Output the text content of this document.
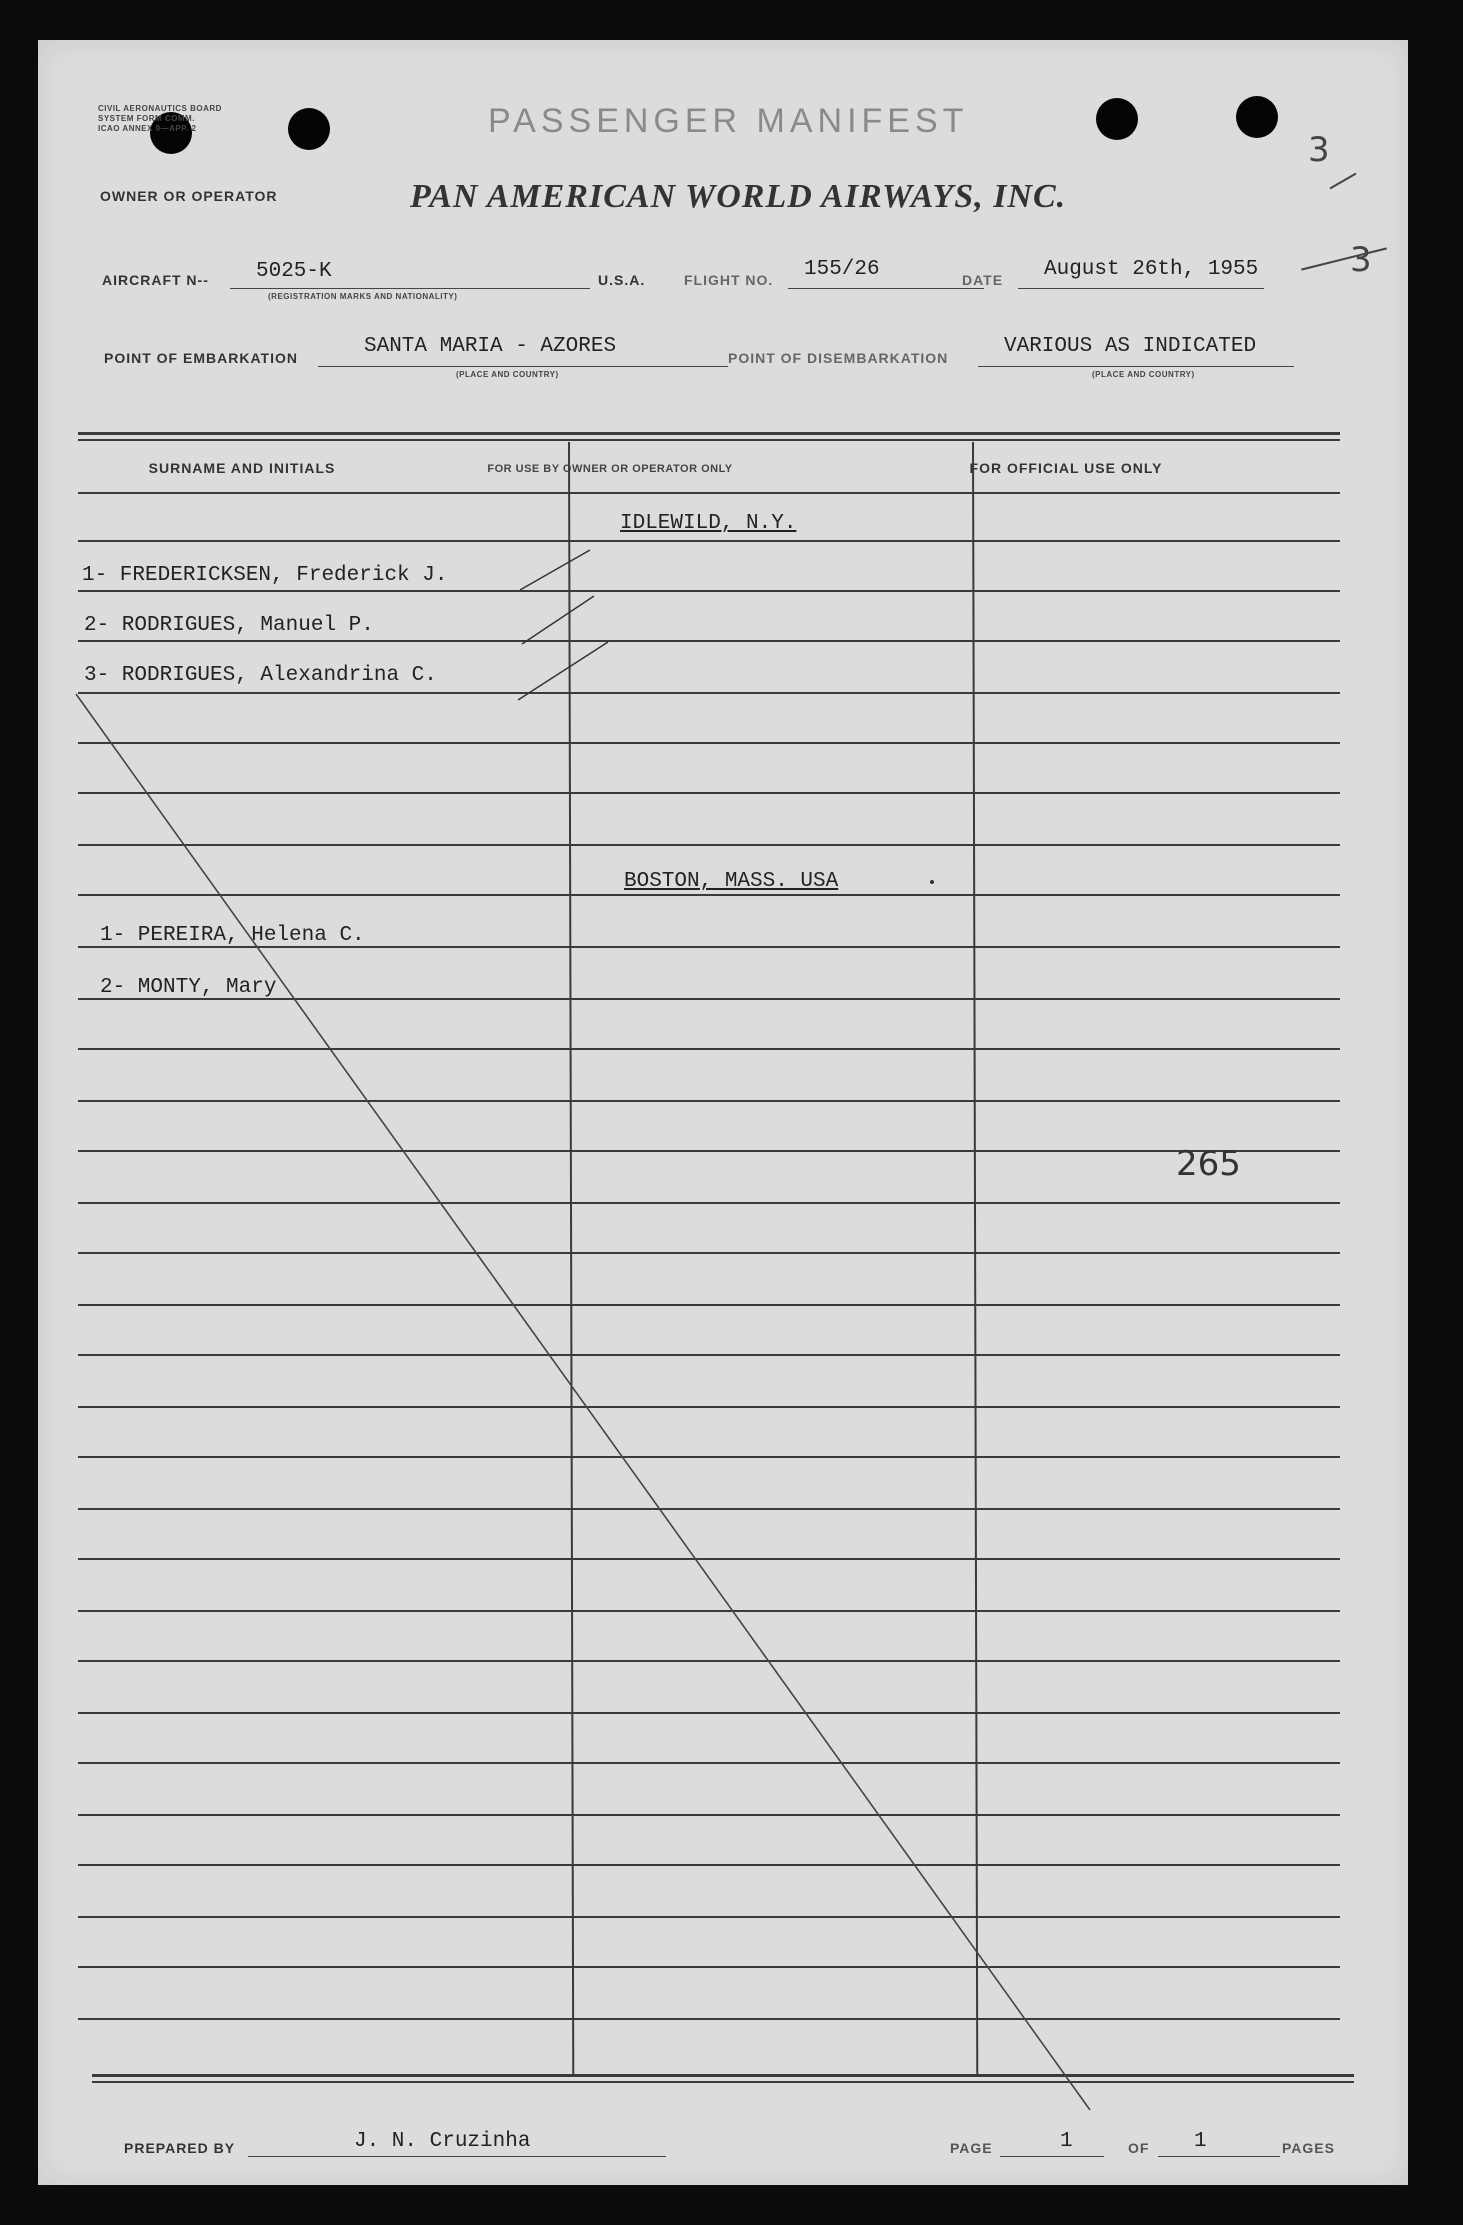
CIVIL AERONAUTICS BOARD
SYSTEM FORM COMM.
ICAO ANNEX 9—APP. 2	PASSENGER MANIFEST
3
3
OWNER OR OPERATOR	PAN AMERICAN WORLD AIRWAYS, INC.
AIRCRAFT N-- 5025-K
(REGISTRATION MARKS AND NATIONALITY)
U.S.A.	FLIGHT NO. 155/26	DATE August 26th, 1955
POINT OF EMBARKATION	SANTA MARIA - AZORES
(PLACE AND COUNTRY)
POINT OF DISEMBARKATION	VARIOUS AS INDICATED
(PLACE AND COUNTRY)
SURNAME AND INITIALS	FOR USE BY OWNER OR OPERATOR ONLY	FOR OFFICIAL USE ONLY
IDLEWILD, N.Y.
1- FREDERICKSEN, Frederick J.
2- RODRIGUES, Manuel P.
3- RODRIGUES, Alexandrina C.
BOSTON, MASS. USA
1- PEREIRA, Helena C.
2- MONTY, Mary
265
PREPARED BY	J. N. Cruzinha	PAGE	1	OF 1	PAGES
